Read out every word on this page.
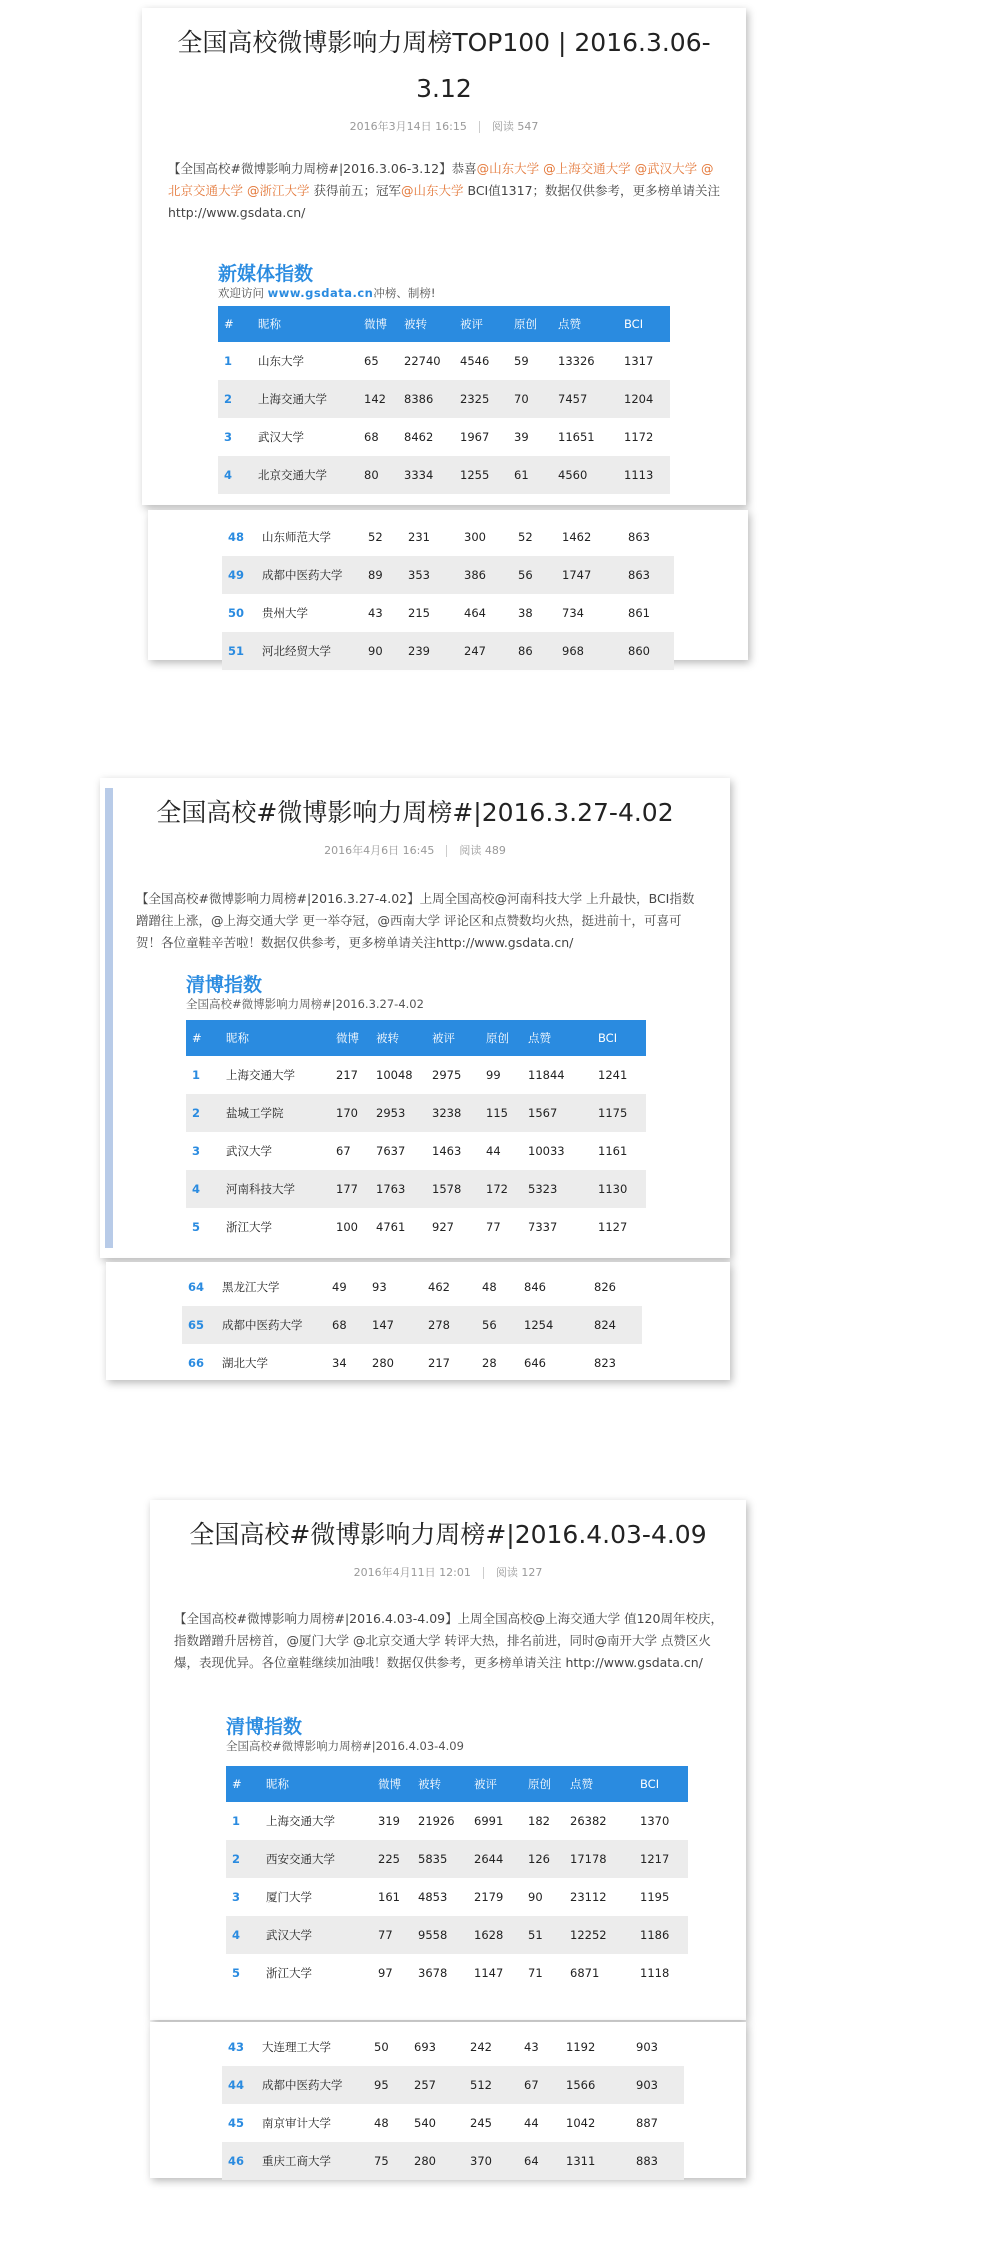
全国高校微博影响力周榜TOP100 | 2016.3.06-
3.12
2016年3月14日 16:15 阅读 547

【全国高校#微博影响力周榜#|2016.3.06-3.12】恭喜@山东大学 @上海交通大学 @武汉大学 @北京交通大学 @浙江大学 获得前五；冠军@山东大学 BCI值1317；数据仅供参考，更多榜单请关注 http://www.gsdata.cn/

新媒体指数
欢迎访问 www.gsdata.cn冲榜、制榜!
#	昵称	微博	被转	被评	原创	点赞	BCI
1	山东大学	65	22740	4546	59	13326	1317
2	上海交通大学	142	8386	2325	70	7457	1204
3	武汉大学	68	8462	1967	39	11651	1172
4	北京交通大学	80	3334	1255	61	4560	1113
48	山东师范大学	52	231	300	52	1462	863
49	成都中医药大学	89	353	386	56	1747	863
50	贵州大学	43	215	464	38	734	861
51	河北经贸大学	90	239	247	86	968	860
全国高校#微博影响力周榜#|2016.3.27-4.02
2016年4月6日 16:45 阅读 489

【全国高校#微博影响力周榜#|2016.3.27-4.02】上周全国高校@河南科技大学 上升最快，BCI指数蹭蹭往上涨，@上海交通大学 更一举夺冠，@西南大学 评论区和点赞数均火热，挺进前十，可喜可贺！各位童鞋辛苦啦！数据仅供参考，更多榜单请关注http://www.gsdata.cn/

清博指数
全国高校#微博影响力周榜#|2016.3.27-4.02
#	昵称	微博	被转	被评	原创	点赞	BCI
1	上海交通大学	217	10048	2975	99	11844	1241
2	盐城工学院	170	2953	3238	115	1567	1175
3	武汉大学	67	7637	1463	44	10033	1161
4	河南科技大学	177	1763	1578	172	5323	1130
5	浙江大学	100	4761	927	77	7337	1127
64	黑龙江大学	49	93	462	48	846	826
65	成都中医药大学	68	147	278	56	1254	824
66	湖北大学	34	280	217	28	646	823
全国高校#微博影响力周榜#|2016.4.03-4.09
2016年4月11日 12:01 阅读 127

【全国高校#微博影响力周榜#|2016.4.03-4.09】上周全国高校@上海交通大学 值120周年校庆，指数蹭蹭升居榜首，@厦门大学 @北京交通大学 转评大热，排名前进，同时@南开大学 点赞区火爆，表现优异。各位童鞋继续加油哦！数据仅供参考，更多榜单请关注 http://www.gsdata.cn/

清博指数
全国高校#微博影响力周榜#|2016.4.03-4.09
#	昵称	微博	被转	被评	原创	点赞	BCI
1	上海交通大学	319	21926	6991	182	26382	1370
2	西安交通大学	225	5835	2644	126	17178	1217
3	厦门大学	161	4853	2179	90	23112	1195
4	武汉大学	77	9558	1628	51	12252	1186
5	浙江大学	97	3678	1147	71	6871	1118
43	大连理工大学	50	693	242	43	1192	903
44	成都中医药大学	95	257	512	67	1566	903
45	南京审计大学	48	540	245	44	1042	887
46	重庆工商大学	75	280	370	64	1311	883
